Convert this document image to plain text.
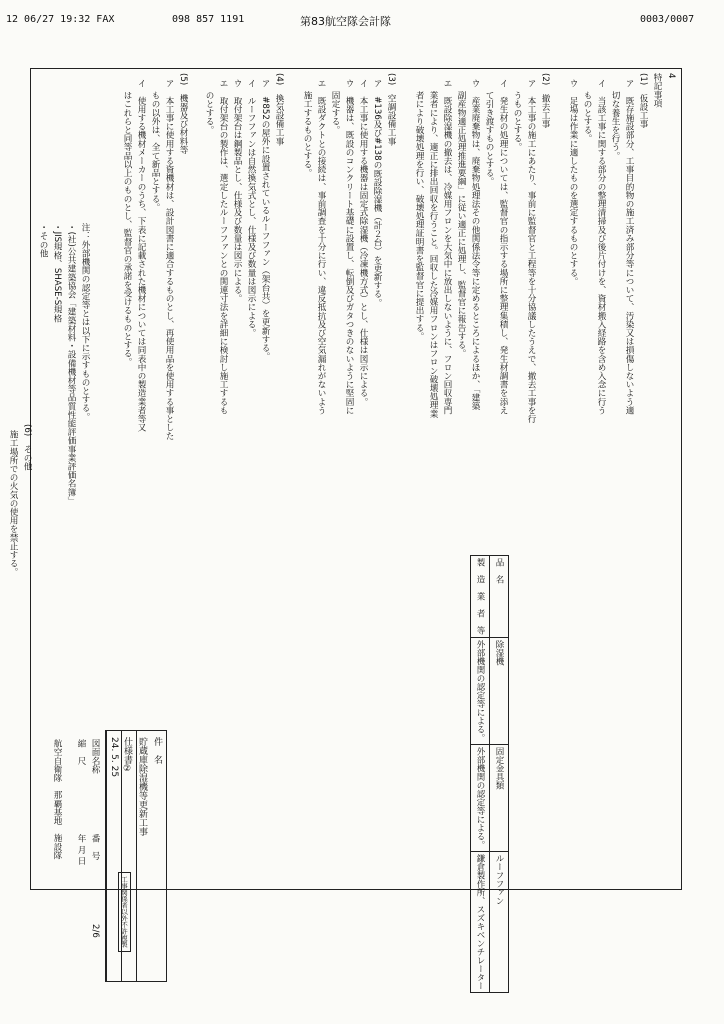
12 06/27 19:32 FAX	098 857 1191	第83航空隊会計隊	0003/0007
4
特記事項
(1)　仮設工事
ア　既存施設部分、工事目的物の施工済み部分等について、汚染又は損傷しないよう適
切な養生を行う。
イ　当該工事に関する部分の整理清掃及び後片付けを、資材搬入経路を含め入念に行う
ものとする。
ウ　足場は作業に適したものを選定するものとする。
(2)　撤去工事
ア　本工事の施工にあたり、事前に監督官と工程等を十分協議したうえで、撤去工事を行
うものとする。
イ　発生材の処理については、監督官の指示する場所に整理集積し、発生材調書を添え
て引き渡すものとする。
ウ　産業廃棄物は、廃棄物処理法その他関係法令等に定めるところによるほか、「建築
副産物適正処理推進要綱」に従い適正に処理し、監督官に報告する。
エ　既設除湿機の撤去は、冷媒用フロンを大気中に放出しないように、フロン回収専門
業者により、適正に排出回収を行うこと。回収した冷媒用フロンはフロン破壊処理業
者により破壊処理を行い、破壊処理証明書を監督官に提出する。
(3)　空調設備工事
ア　#136及び#138の既設除湿機（計２台）を更新する。
イ　本工事に使用する機器は固定式除湿機（冷凍機方式）とし、仕様は図示による。
ウ　機器は、既設のコンクリート基礎に設置し、転倒及びガタつきのないように堅固に
固定する。
エ　既設ダクトとの接続は、事前調査を十分に行い、違反抵抗及び空気漏れがないよう
施工するものとする。
(4)　換気設備工事
ア　#852の屋外に設置されているルーフファン（架台共）を更新する。
イ　ルーフファンは自然換気式とし、仕様及び数量は図示による。
ウ　取付架台は鋼製品とし、仕様及び数量は図示による。
エ　取付架台の製作は、選定したルーフファンとの関連寸法を詳細に検討し施工するも
のとする。
(5)　機器及び材料等
ア　本工事に使用する資機材は、設計図書に適合するものとし、再使用品を使用する事とした
もの以外は、全て新品とする。
イ　使用する機材メーカーのうち、下表に記載された機材については同表中の製造業者等又
はこれらと同等品以上のものとし、監督官の承諾を受けるものとする。
注：外部機関の認定等とは以下に示すものとする。
・(社)公共建築協会「建築材料・設備機材等品質性能評価事業評価名簿」
・JIS規格、SHASE-S規格
・その他
(6)　その他
施工場所での火気の使用を禁止する。	品　名	除湿機	固定金具類	ルーフファン
製　造　業　者　等	外部機関の認定等による。	外部機関の認定等による。	鎌倉製作所、スズキベンチレーター
件　名
貯蔵庫除湿機等更新工事
仕様書②
24. 5. 25
図面名称
縮　尺
年 月 日 番　号
2/6
航空自衛隊　那覇基地　施設隊
工事関係者以外不許複製
